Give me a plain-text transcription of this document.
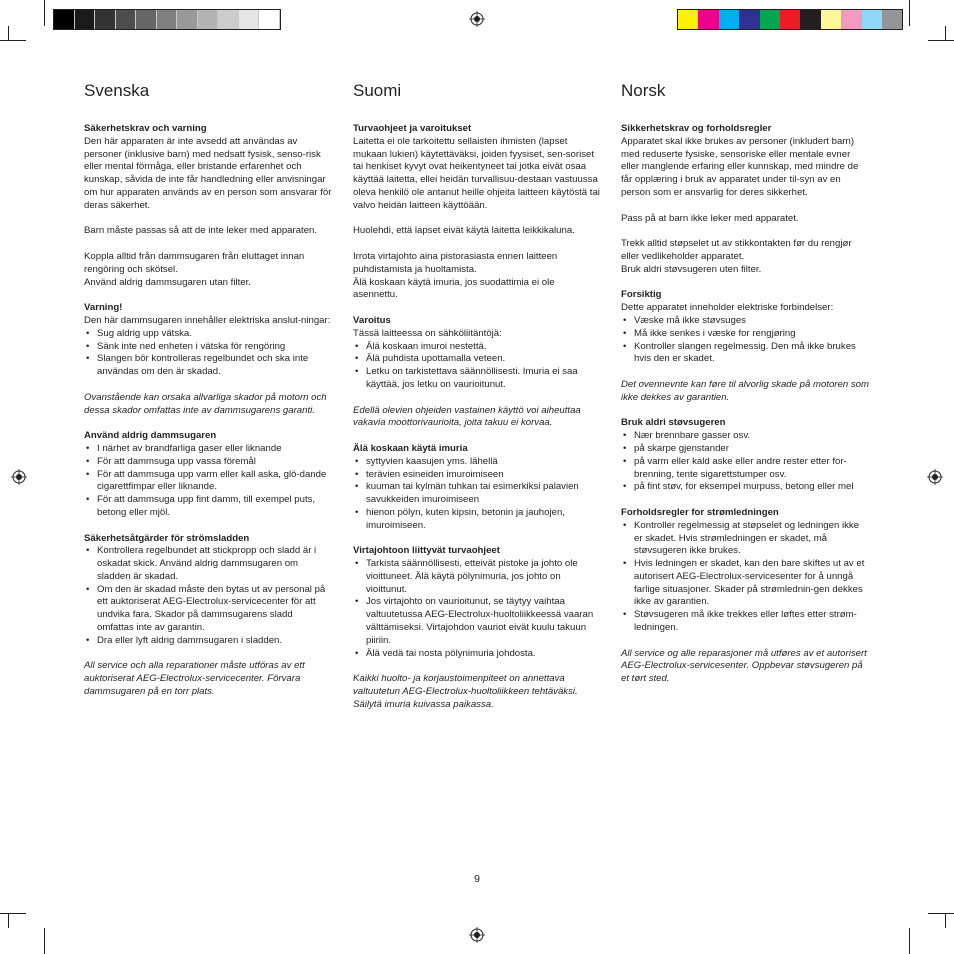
Svenska

Säkerhetskrav och varning

Den här apparaten är inte avsedd att användas av personer (inklusive barn) med nedsatt fysisk, senso-risk eller mental förmåga, eller bristande erfarenhet och kunskap, såvida de inte får handledning eller anvisningar om hur apparaten används av en person som ansvarar för deras säkerhet.

Barn måste passas så att de inte leker med apparaten.

Koppla alltid från dammsugaren från eluttaget innan rengöring och skötsel.

Använd aldrig dammsugaren utan filter.

Varning!

Den här dammsugaren innehåller elektriska anslut-ningar:

• Sug aldrig upp vätska.
• Sänk inte ned enheten i vätska för rengöring
• Slangen bör kontrolleras regelbundet och ska inte användas om den är skadad.

Ovanstående kan orsaka allvarliga skador på motorn och dessa skador omfattas inte av dammsugarens garanti.

Använd aldrig dammsugaren

• I närhet av brandfarliga gaser eller liknande
• För att dammsuga upp vassa föremål
• För att dammsuga upp varm eller kall aska, glö-dande cigarettfimpar eller liknande.
• För att dammsuga upp fint damm, till exempel puts, betong eller mjöl.

Säkerhetsåtgärder för strömsladden

• Kontrollera regelbundet att stickpropp och sladd är i oskadat skick. Använd aldrig dammsugaren om sladden är skadad.
• Om den är skadad måste den bytas ut av personal på ett auktoriserat AEG-Electrolux-servicecenter för att undvika fara. Skador på dammsugarens sladd omfattas inte av garantin.
• Dra eller lyft aldrig dammsugaren i sladden.

All service och alla reparationer måste utföras av ett auktoriserat AEG-Electrolux-servicecenter. Förvara dammsugaren på en torr plats.

Suomi

Turvaohjeet ja varoitukset

Laitetta ei ole tarkoitettu sellaisten ihmisten (lapset mukaan lukien) käytettäväksi, joiden fyysiset, sen-soriset tai henkiset kyvyt ovat heikentyneet tai jotka eivät osaa käyttää laitetta, ellei heidän turvallisuu-destaan vastuussa oleva henkilö ole antanut heille ohjeita laitteen käytöstä tai valvo heidän laitteen käyttöään.

Huolehdi, että lapset eivät käytä laitetta leikkikaluna.

Irrota virtajohto aina pistorasiasta ennen laitteen puhdistamista ja huoltamista.

Älä koskaan käytä imuria, jos suodattimia ei ole asennettu.

Varoitus

Tässä laitteessa on sähköliitäntöjä:

• Älä koskaan imuroi nestettä.
• Älä puhdista upottamalla veteen.
• Letku on tarkistettava säännöllisesti. Imuria ei saa käyttää, jos letku on vaurioitunut.

Edellä olevien ohjeiden vastainen käyttö voi aiheuttaa vakavia moottorivaurioita, joita takuu ei korvaa.

Älä koskaan käytä imuria

• syttyvien kaasujen yms. lähellä
• terävien esineiden imuroimiseen
• kuuman tai kylmän tuhkan tai esimerkiksi palavien savukkeiden imuroimiseen
• hienon pölyn, kuten kipsin, betonin ja jauhojen, imuroimiseen.

Virtajohtoon liittyvät turvaohjeet

• Tarkista säännöllisesti, etteivät pistoke ja johto ole vioittuneet. Älä käytä pölynimuria, jos johto on vioittunut.
• Jos virtajohto on vaurioitunut, se täytyy vaihtaa valtuutetussa AEG-Electrolux-huoltoliikkeessä vaaran välttämiseksi. Virtajohdon vauriot eivät kuulu takuun piiriin.
• Älä vedä tai nosta pölynimuria johdosta.

Kaikki huolto- ja korjaustoimenpiteet on annettava valtuutetun AEG-Electrolux-huoltoliikkeen tehtäväksi. Säilytä imuria kuivassa paikassa.

Norsk

Sikkerhetskrav og forholdsregler

Apparatet skal ikke brukes av personer (inkludert barn) med reduserte fysiske, sensoriske eller mentale evner eller manglende erfaring eller kunnskap, med mindre de får opplæring i bruk av apparatet under til-syn av en person som er ansvarlig for deres sikkerhet.

Pass på at barn ikke leker med apparatet.

Trekk alltid støpselet ut av stikkontakten før du rengjør eller vedlikeholder apparatet.

Bruk aldri støvsugeren uten filter.

Forsiktig

Dette apparatet inneholder elektriske forbindelser:

• Væske må ikke støvsuges
• Må ikke senkes i væske for rengjøring
• Kontroller slangen regelmessig. Den må ikke brukes hvis den er skadet.

Det ovennevnte kan føre til alvorlig skade på motoren som ikke dekkes av garantien.

Bruk aldri støvsugeren

• Nær brennbare gasser osv.
• på skarpe gjenstander
• på varm eller kald aske eller andre rester etter for-brenning, tente sigarettstumper osv.
• på fint støv, for eksempel murpuss, betong eller mel

Forholdsregler for strømledningen

• Kontroller regelmessig at støpselet og ledningen ikke er skadet. Hvis strømledningen er skadet, må støvsugeren ikke brukes.
• Hvis ledningen er skadet, kan den bare skiftes ut av et autorisert AEG-Electrolux-servicesenter for å unngå farlige situasjoner. Skader på strømlednin-gen dekkes ikke av garantien.
• Støvsugeren må ikke trekkes eller løftes etter strøm-ledningen.

All service og alle reparasjoner må utføres av et autorisert AEG-Electrolux-servicesenter. Oppbevar støvsugeren på et tørt sted.

9
